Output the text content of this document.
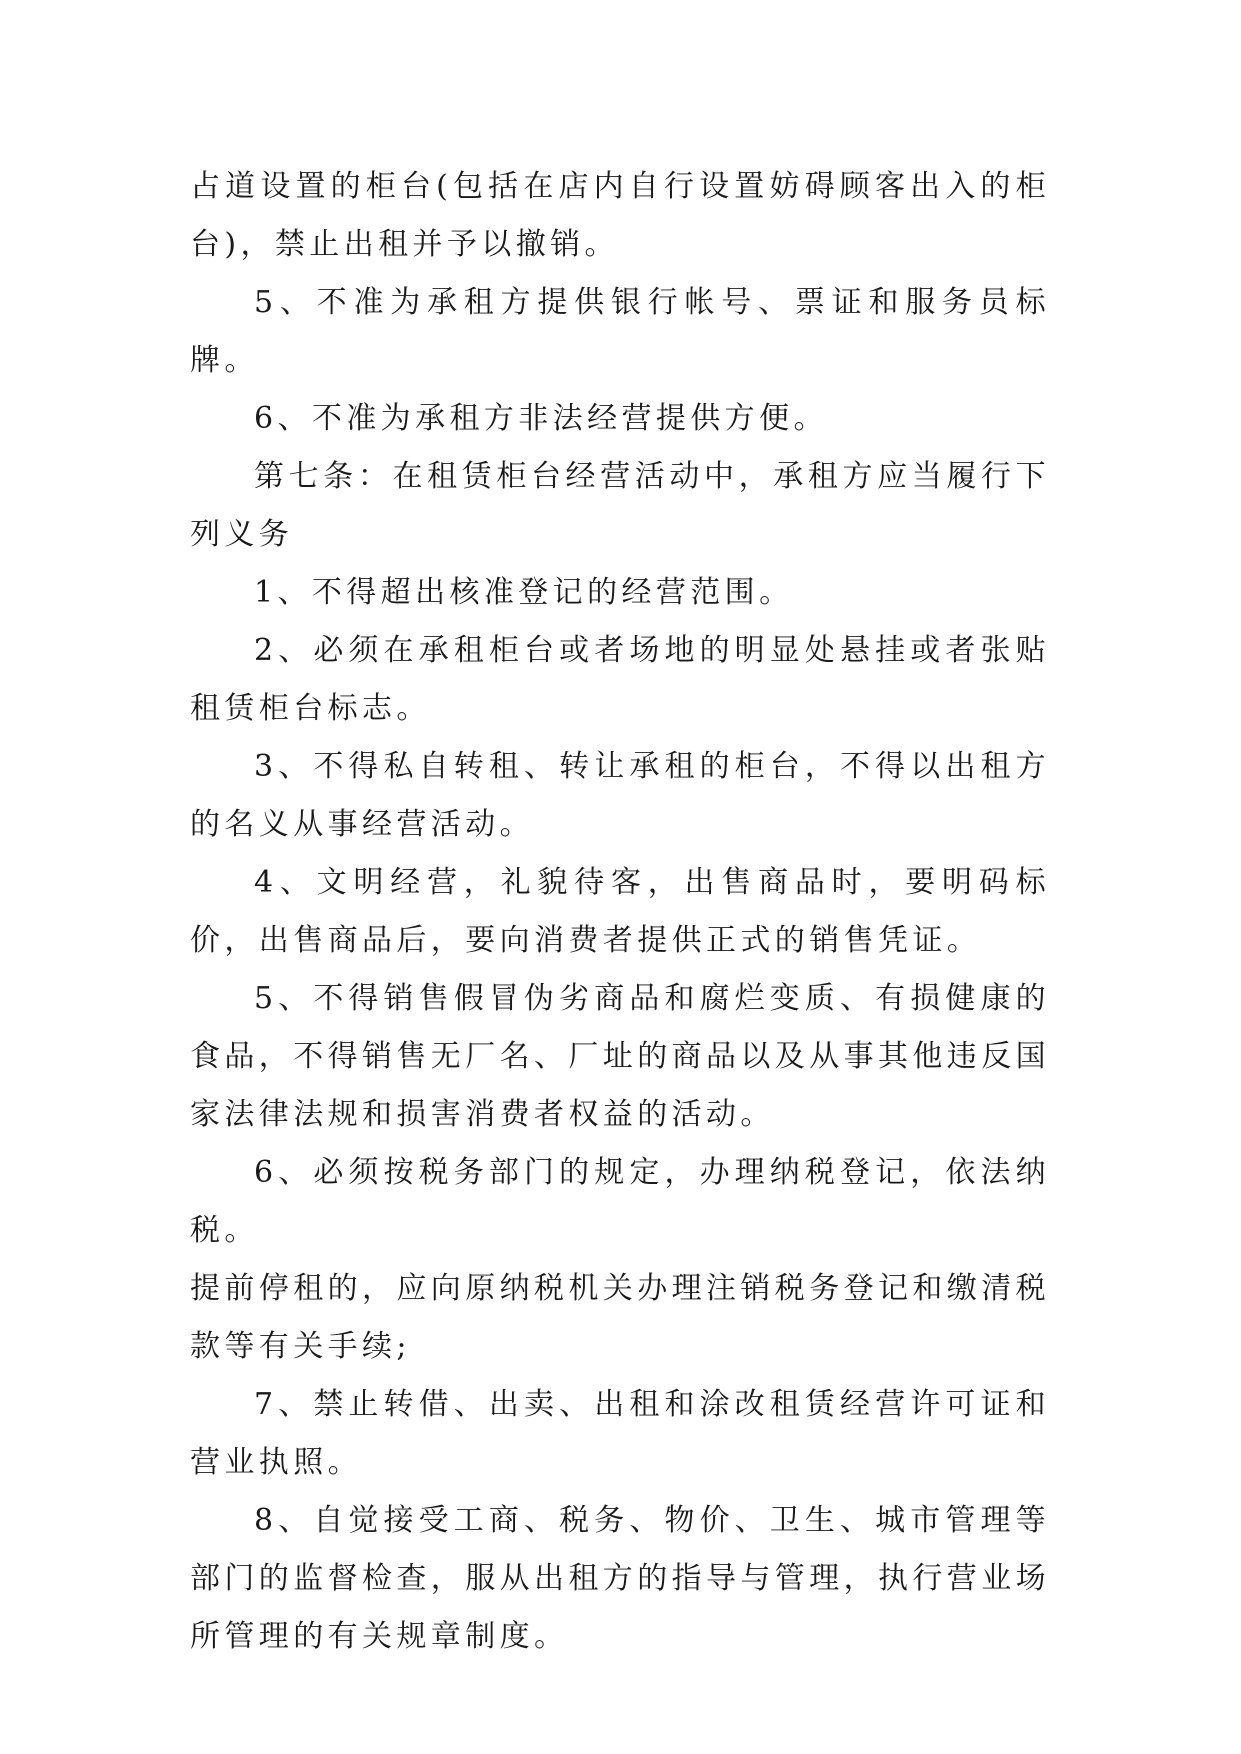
占道设置的柜台(包括在店内自行设置妨碍顾客出入的柜台)，禁止出租并予以撤销。

5、不准为承租方提供银行帐号、票证和服务员标牌。

6、不准为承租方非法经营提供方便。

第七条：在租赁柜台经营活动中，承租方应当履行下列义务

1、不得超出核准登记的经营范围。

2、必须在承租柜台或者场地的明显处悬挂或者张贴租赁柜台标志。

3、不得私自转租、转让承租的柜台，不得以出租方的名义从事经营活动。

4、文明经营，礼貌待客，出售商品时，要明码标价，出售商品后，要向消费者提供正式的销售凭证。

5、不得销售假冒伪劣商品和腐烂变质、有损健康的食品，不得销售无厂名、厂址的商品以及从事其他违反国家法律法规和损害消费者权益的活动。

6、必须按税务部门的规定，办理纳税登记，依法纳税。

提前停租的，应向原纳税机关办理注销税务登记和缴清税款等有关手续;

7、禁止转借、出卖、出租和涂改租赁经营许可证和营业执照。

8、自觉接受工商、税务、物价、卫生、城市管理等部门的监督检查，服从出租方的指导与管理，执行营业场所管理的有关规章制度。
